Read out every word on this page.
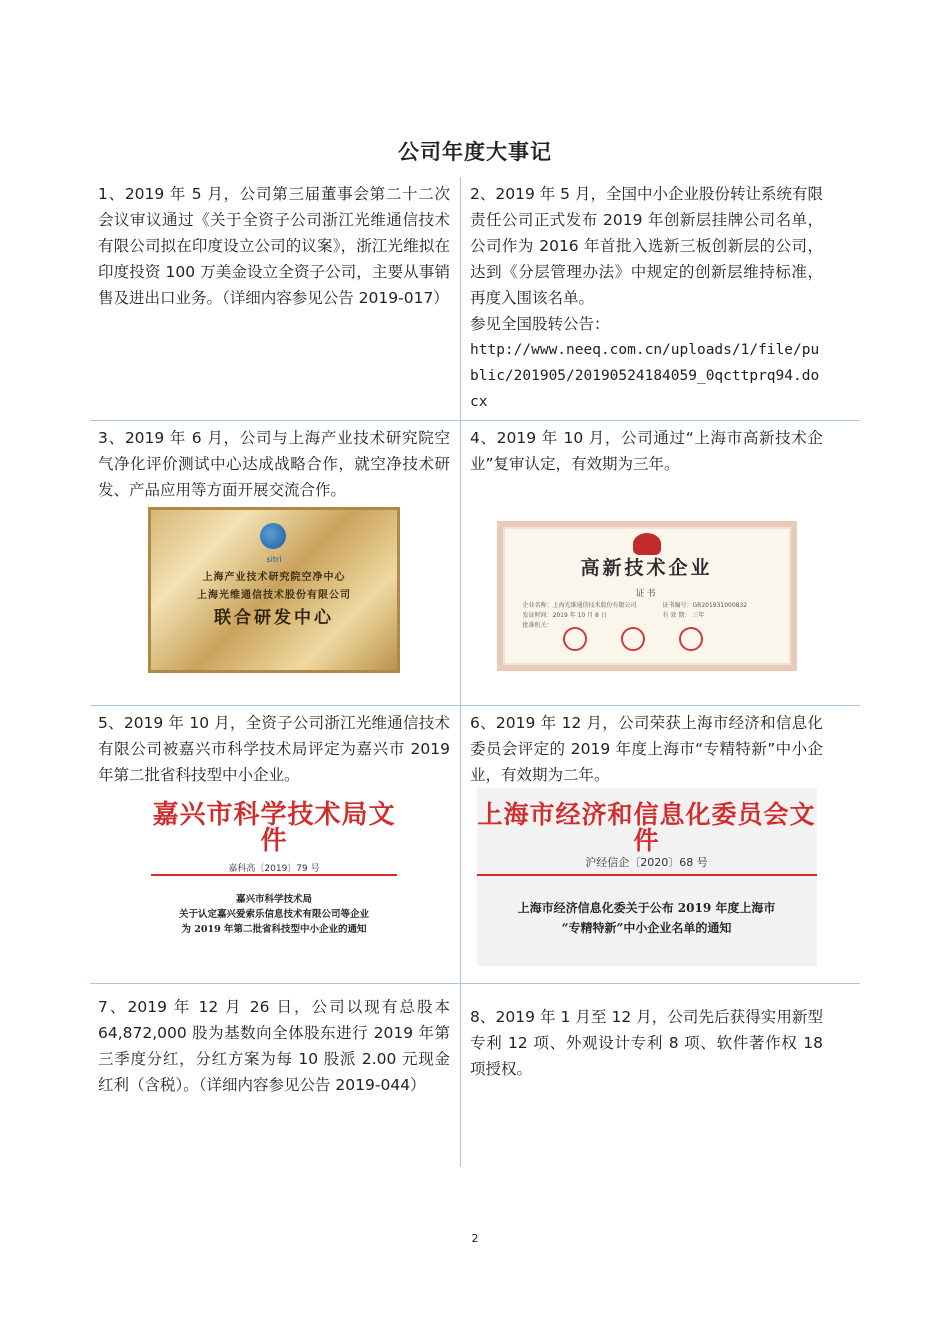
公司年度大事记
1、2019 年 5 月，公司第三届董事会第二十二次会议审议通过《关于全资子公司浙江光维通信技术有限公司拟在印度设立公司的议案》，浙江光维拟在印度投资 100 万美金设立全资子公司，主要从事销售及进出口业务。（详细内容参见公告 2019-017）
2、2019 年 5 月，全国中小企业股份转让系统有限责任公司正式发布 2019 年创新层挂牌公司名单，公司作为 2016 年首批入选新三板创新层的公司，达到《分层管理办法》中规定的创新层维持标准，再度入围该名单。
参见全国股转公告：
http://www.neeq.com.cn/uploads/1/file/public/201905/20190524184059_0qcttprq94.docx
3、2019 年 6 月，公司与上海产业技术研究院空气净化评价测试中心达成战略合作，就空净技术研发、产品应用等方面开展交流合作。
sitri
上海产业技术研究院空净中心
上海光维通信技术股份有限公司
联合研发中心
4、2019 年 10 月，公司通过“上海市高新技术企业”复审认定，有效期为三年。
高新技术企业
证书
企业名称：上海光维通信技术股份有限公司
发证时间：2019 年 10 月 8 日
批准机关：
证书编号：GR201931000832
有 效 期： 三年
5、2019 年 10 月，全资子公司浙江光维通信技术有限公司被嘉兴市科学技术局评定为嘉兴市 2019 年第二批省科技型中小企业。
嘉兴市科学技术局文件
嘉科高〔2019〕79 号
嘉兴市科学技术局
关于认定嘉兴爱索乐信息技术有限公司等企业
为 2019 年第二批省科技型中小企业的通知
6、2019 年 12 月，公司荣获上海市经济和信息化委员会评定的 2019 年度上海市“专精特新”中小企业，有效期为二年。
上海市经济和信息化委员会文件
沪经信企〔2020〕68 号
上海市经济信息化委关于公布 2019 年度上海市
“专精特新”中小企业名单的通知
7、2019 年 12 月 26 日，公司以现有总股本 64,872,000 股为基数向全体股东进行 2019 年第三季度分红，分红方案为每 10 股派 2.00 元现金红利（含税）。（详细内容参见公告 2019-044）
8、2019 年 1 月至 12 月，公司先后获得实用新型专利 12 项、外观设计专利 8 项、软件著作权 18 项授权。
2
